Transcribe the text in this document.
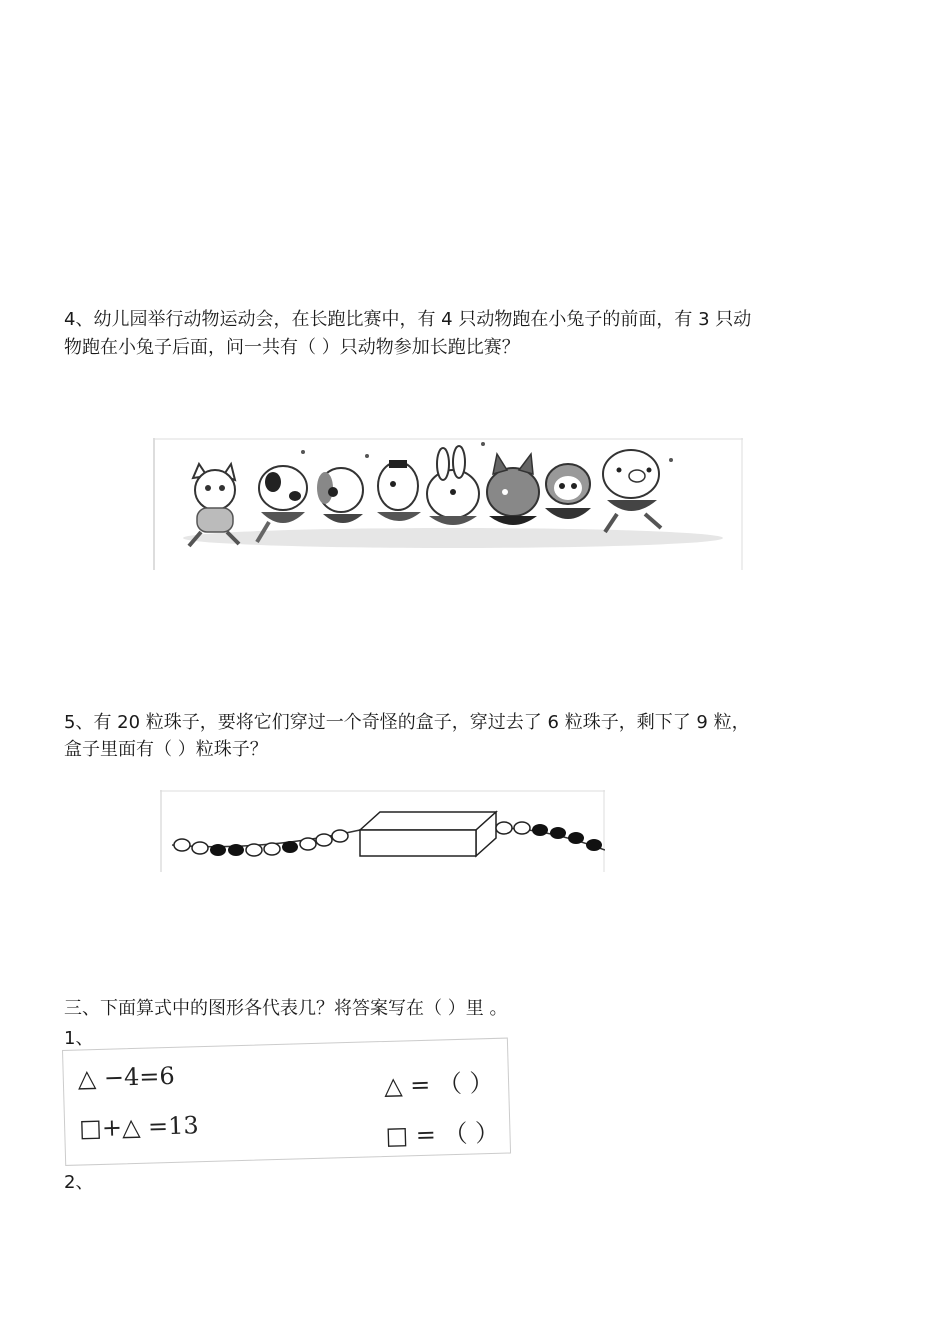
4、幼儿园举行动物运动会，在长跑比赛中，有 4 只动物跑在小兔子的前面，有 3 只动
物跑在小兔子后面，问一共有（ ）只动物参加长跑比赛？
5、有 20 粒珠子，要将它们穿过一个奇怪的盒子，穿过去了 6 粒珠子，剩下了 9 粒，
盒子里面有（ ）粒珠子？
三、下面算式中的图形各代表几？将答案写在（ ）里 。
1、
△ −4=6
□+△ =13
△ = （ ）
□ = （ ）
2、
